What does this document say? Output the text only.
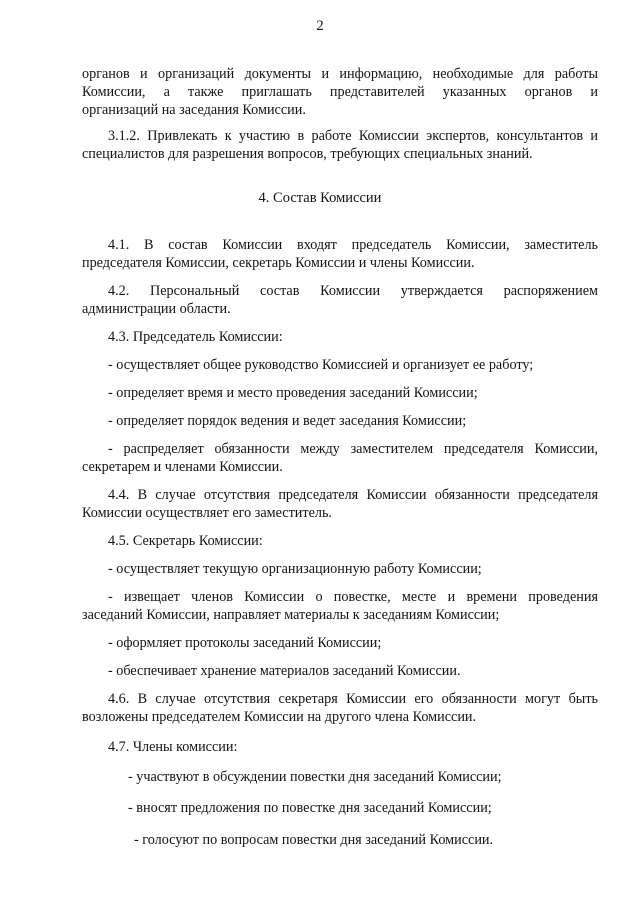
2
органов и организаций документы и информацию, необходимые для работы
Комиссии, а также приглашать представителей указанных органов и
организаций на заседания Комиссии.
3.1.2. Привлекать к участию в работе Комиссии экспертов, консультантов и
специалистов для разрешения вопросов, требующих специальных знаний.
4. Состав Комиссии
4.1. В состав Комиссии входят председатель Комиссии, заместитель
председателя Комиссии, секретарь Комиссии и члены Комиссии.
4.2. Персональный состав Комиссии утверждается распоряжением
администрации области.
4.3. Председатель Комиссии:
- осуществляет общее руководство Комиссией и организует ее работу;
- определяет время и место проведения заседаний Комиссии;
- определяет порядок ведения и ведет заседания Комиссии;
- распределяет обязанности между заместителем председателя Комиссии,
секретарем и членами Комиссии.
4.4. В случае отсутствия председателя Комиссии обязанности председателя
Комиссии осуществляет его заместитель.
4.5. Секретарь Комиссии:
- осуществляет текущую организационную работу Комиссии;
- извещает членов Комиссии о повестке, месте и времени проведения
заседаний Комиссии, направляет материалы к заседаниям Комиссии;
- оформляет протоколы заседаний Комиссии;
- обеспечивает хранение материалов заседаний Комиссии.
4.6. В случае отсутствия секретаря Комиссии его обязанности могут быть
возложены председателем Комиссии на другого члена Комиссии.
4.7. Члены комиссии:
- участвуют в обсуждении повестки дня заседаний Комиссии;
- вносят предложения по повестке дня заседаний Комиссии;
- голосуют по вопросам повестки дня заседаний Комиссии.
